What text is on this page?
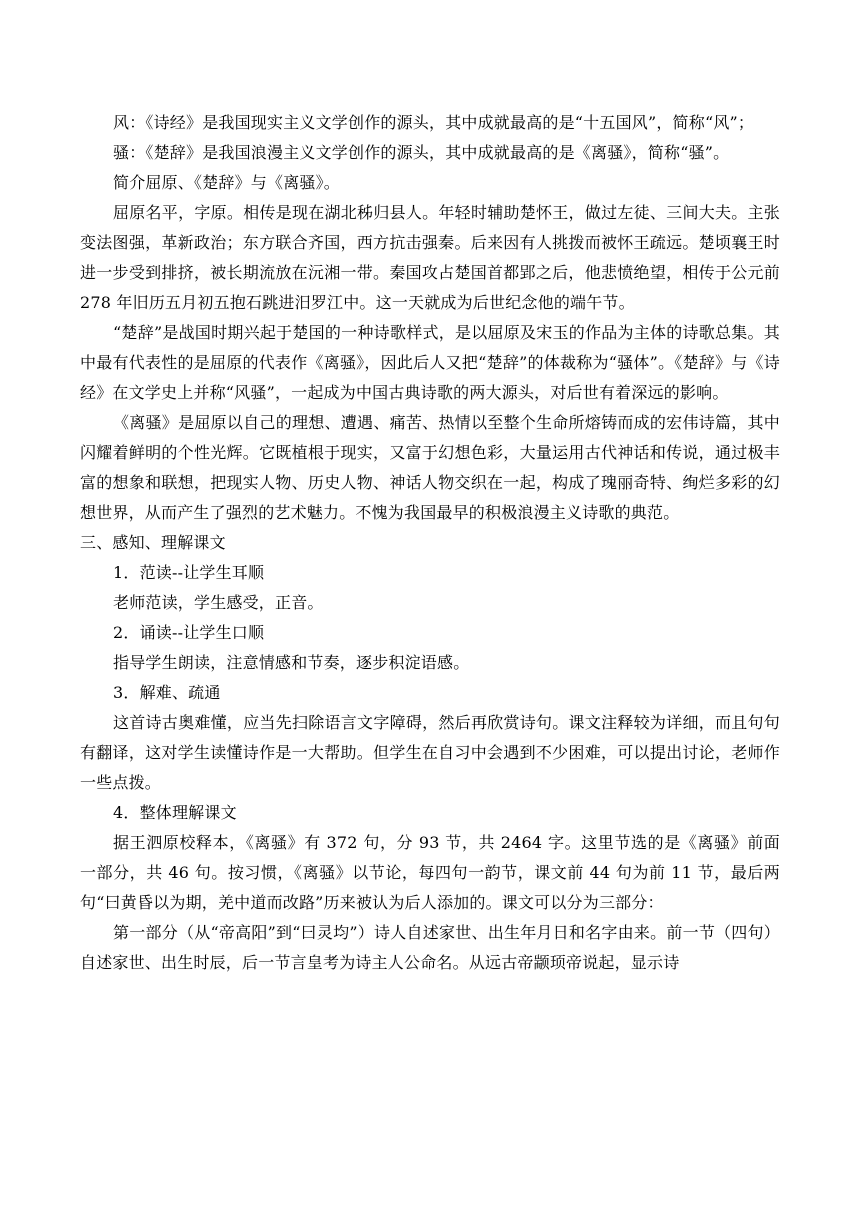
风：《诗经》是我国现实主义文学创作的源头，其中成就最高的是“十五国风”，简称“风”；

骚：《楚辞》是我国浪漫主义文学创作的源头，其中成就最高的是《离骚》，简称“骚”。

简介屈原、《楚辞》与《离骚》。

屈原名平，字原。相传是现在湖北秭归县人。年轻时辅助楚怀王，做过左徒、三间大夫。主张变法图强，革新政治；东方联合齐国，西方抗击强秦。后来因有人挑拨而被怀王疏远。楚顷襄王时进一步受到排挤，被长期流放在沅湘一带。秦国攻占楚国首都郢之后，他悲愤绝望，相传于公元前 278 年旧历五月初五抱石跳进汨罗江中。这一天就成为后世纪念他的端午节。

“楚辞”是战国时期兴起于楚国的一种诗歌样式，是以屈原及宋玉的作品为主体的诗歌总集。其中最有代表性的是屈原的代表作《离骚》，因此后人又把“楚辞”的体裁称为“骚体”。《楚辞》与《诗经》在文学史上并称“风骚”，一起成为中国古典诗歌的两大源头，对后世有着深远的影响。

《离骚》是屈原以自己的理想、遭遇、痛苦、热情以至整个生命所熔铸而成的宏伟诗篇，其中闪耀着鲜明的个性光辉。它既植根于现实，又富于幻想色彩，大量运用古代神话和传说，通过极丰富的想象和联想，把现实人物、历史人物、神话人物交织在一起，构成了瑰丽奇特、绚烂多彩的幻想世界，从而产生了强烈的艺术魅力。不愧为我国最早的积极浪漫主义诗歌的典范。

三、感知、理解课文

1．范读--让学生耳顺

老师范读，学生感受，正音。

2．诵读--让学生口顺

指导学生朗读，注意情感和节奏，逐步积淀语感。

3．解难、疏通

这首诗古奥难懂，应当先扫除语言文字障碍，然后再欣赏诗句。课文注释较为详细，而且句句有翻译，这对学生读懂诗作是一大帮助。但学生在自习中会遇到不少困难，可以提出讨论，老师作一些点拨。

4．整体理解课文

据王泗原校释本，《离骚》有 372 句，分 93 节，共 2464 字。这里节选的是《离骚》前面一部分，共 46 句。按习惯，《离骚》以节论，每四句一韵节，课文前 44 句为前 11 节，最后两句“曰黄昏以为期，羌中道而改路”历来被认为后人添加的。课文可以分为三部分：

第一部分（从“帝高阳”到“曰灵均”）诗人自述家世、出生年月日和名字由来。前一节（四句）自述家世、出生时辰，后一节言皇考为诗主人公命名。从远古帝颛顼帝说起，显示诗
